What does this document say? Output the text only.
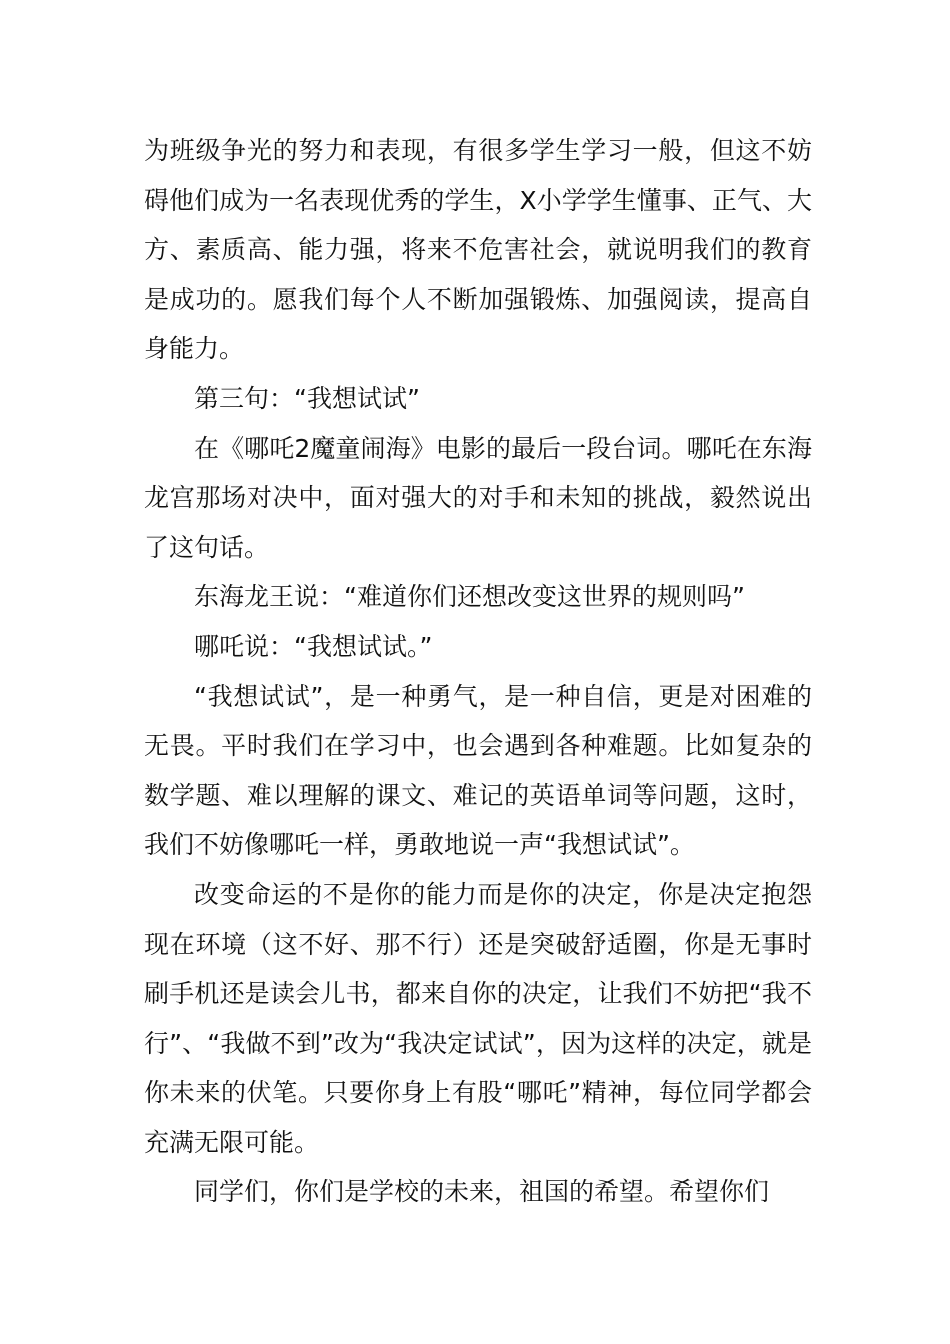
为班级争光的努力和表现，有很多学生学习一般，但这不妨碍他们成为一名表现优秀的学生，X小学学生懂事、正气、大方、素质高、能力强，将来不危害社会，就说明我们的教育是成功的。愿我们每个人不断加强锻炼、加强阅读，提高自身能力。

第三句：“我想试试”

在《哪吒2魔童闹海》电影的最后一段台词。哪吒在东海龙宫那场对决中，面对强大的对手和未知的挑战，毅然说出了这句话。

东海龙王说：“难道你们还想改变这世界的规则吗”

哪吒说：“我想试试。”

“我想试试”，是一种勇气，是一种自信，更是对困难的无畏。平时我们在学习中，也会遇到各种难题。比如复杂的数学题、难以理解的课文、难记的英语单词等问题，这时，我们不妨像哪吒一样，勇敢地说一声“我想试试”。

改变命运的不是你的能力而是你的决定，你是决定抱怨现在环境（这不好、那不行）还是突破舒适圈，你是无事时刷手机还是读会儿书，都来自你的决定，让我们不妨把“我不行”、“我做不到”改为“我决定试试”，因为这样的决定，就是你未来的伏笔。只要你身上有股“哪吒”精神，每位同学都会充满无限可能。

同学们，你们是学校的未来，祖国的希望。希望你们
